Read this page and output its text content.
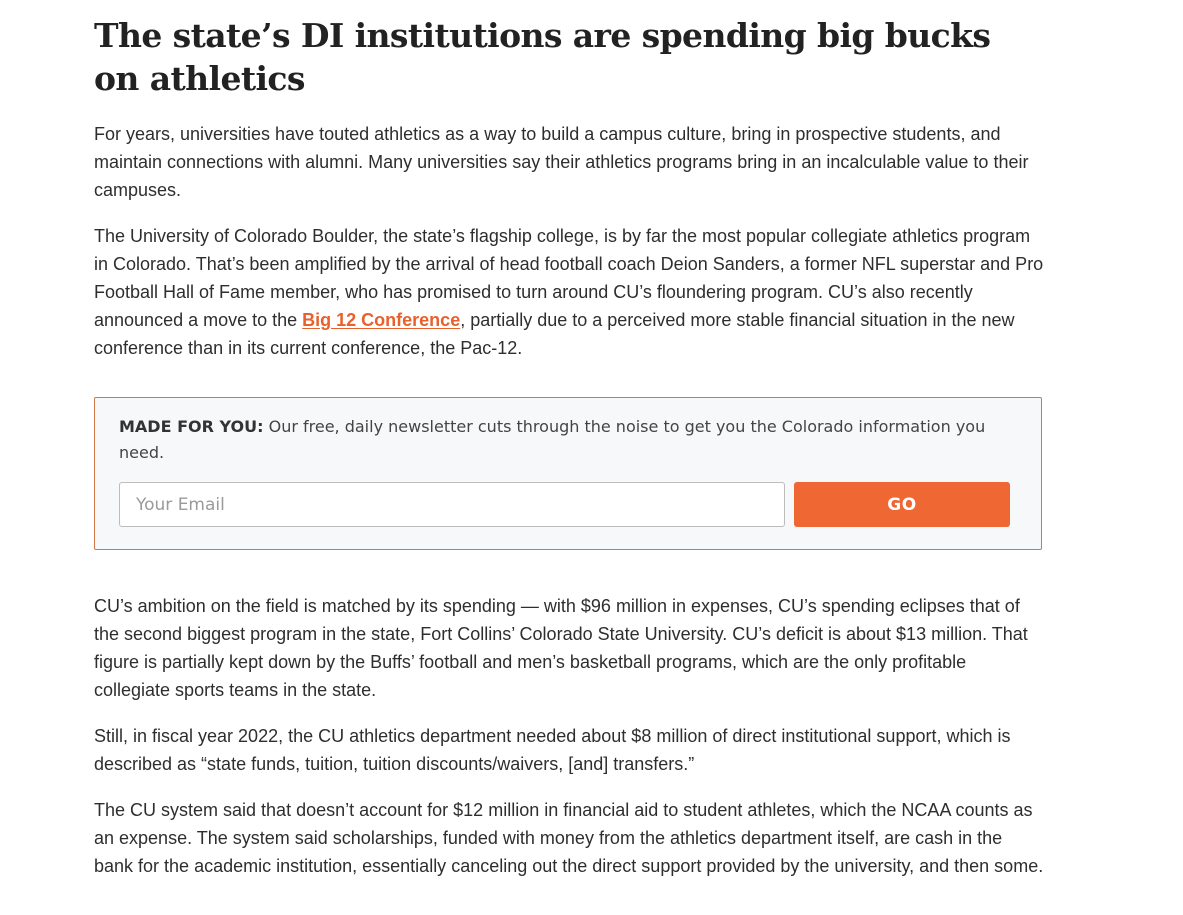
The state’s DI institutions are spending big bucks on athletics

For years, universities have touted athletics as a way to build a campus culture, bring in prospective students, and maintain connections with alumni. Many universities say their athletics programs bring in an incalculable value to their campuses.

The University of Colorado Boulder, the state’s flagship college, is by far the most popular collegiate athletics program in Colorado. That’s been amplified by the arrival of head football coach Deion Sanders, a former NFL superstar and Pro Football Hall of Fame member, who has promised to turn around CU’s floundering program. CU’s also recently announced a move to the Big 12 Conference, partially due to a perceived more stable financial situation in the new conference than in its current conference, the Pac-12.

MADE FOR YOU: Our free, daily newsletter cuts through the noise to get you the Colorado information you need.

Your Email
GO

CU’s ambition on the field is matched by its spending — with $96 million in expenses, CU’s spending eclipses that of the second biggest program in the state, Fort Collins’ Colorado State University. CU’s deficit is about $13 million. That figure is partially kept down by the Buffs’ football and men’s basketball programs, which are the only profitable collegiate sports teams in the state.

Still, in fiscal year 2022, the CU athletics department needed about $8 million of direct institutional support, which is described as “state funds, tuition, tuition discounts/waivers, [and] transfers.”

The CU system said that doesn’t account for $12 million in financial aid to student athletes, which the NCAA counts as an expense. The system said scholarships, funded with money from the athletics department itself, are cash in the bank for the academic institution, essentially canceling out the direct support provided by the university, and then some.
